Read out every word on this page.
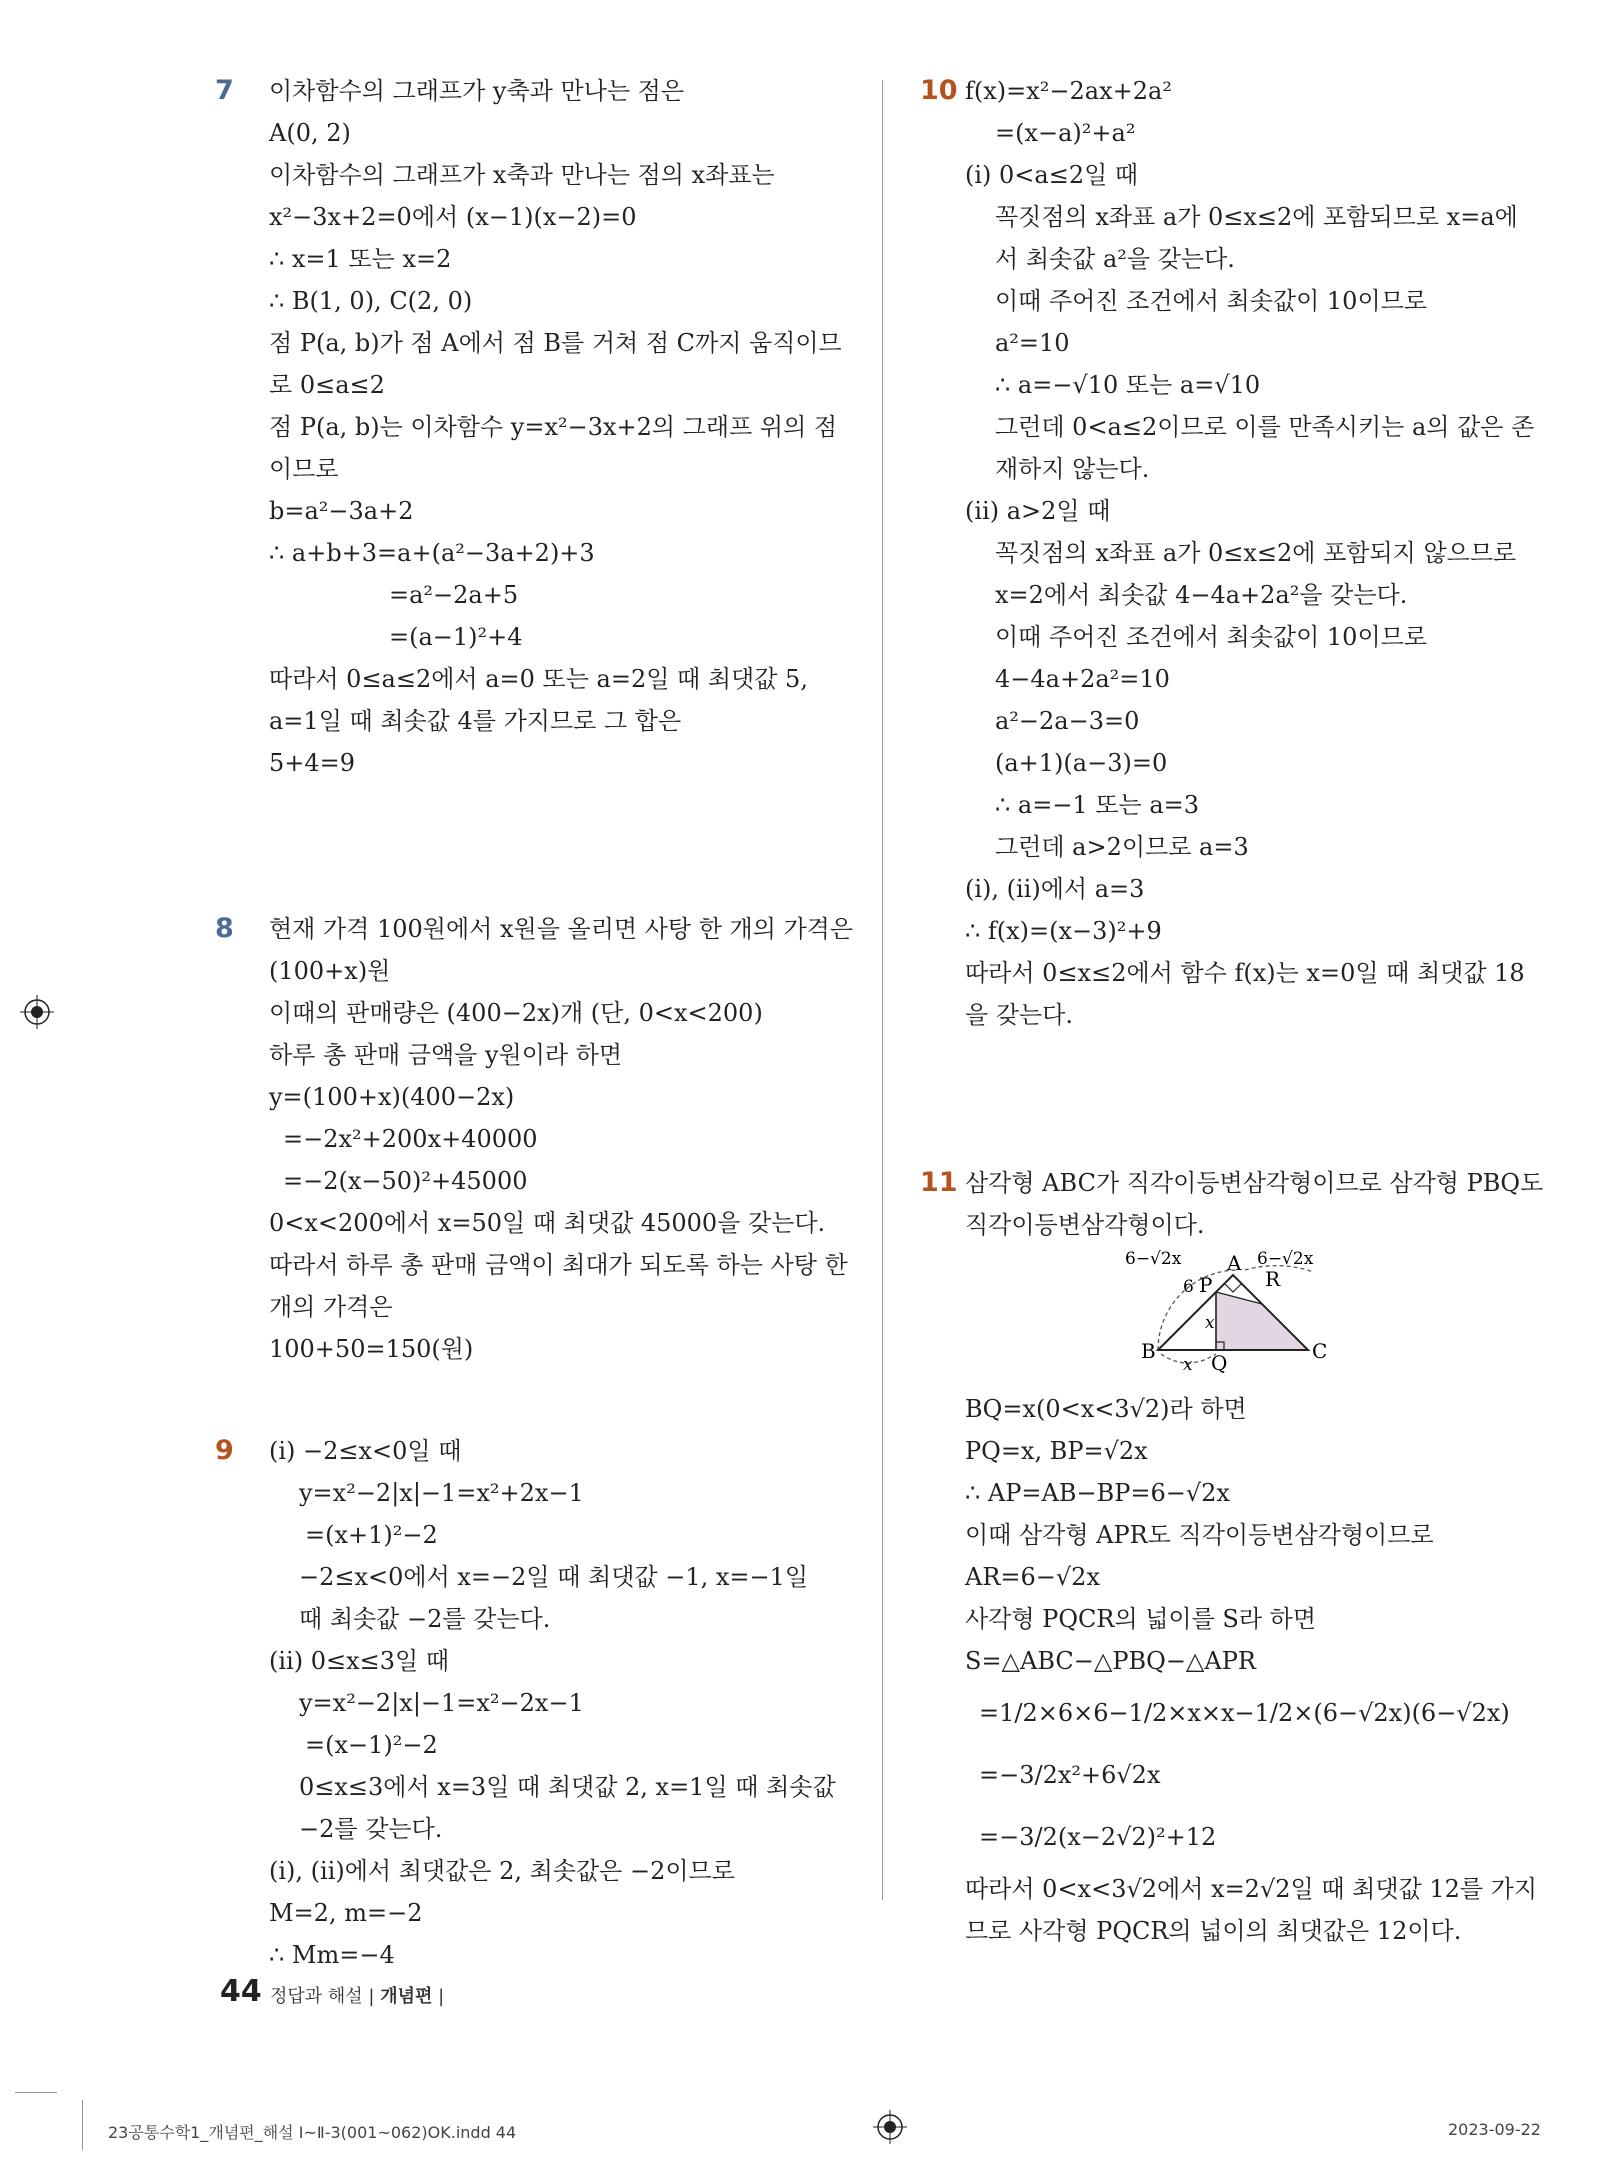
7 이차함수의 그래프가 y축과 만나는 점은
A(0, 2)
이차함수의 그래프가 x축과 만나는 점의 x좌표는
x²−3x+2=0에서 (x−1)(x−2)=0
∴ x=1 또는 x=2
∴ B(1, 0), C(2, 0)
점 P(a, b)가 점 A에서 점 B를 거쳐 점 C까지 움직이므
로 0≤a≤2
점 P(a, b)는 이차함수 y=x²−3x+2의 그래프 위의 점
이므로
b=a²−3a+2
∴ a+b+3=a+(a²−3a+2)+3
=a²−2a+5
=(a−1)²+4
따라서 0≤a≤2에서 a=0 또는 a=2일 때 최댓값 5,
a=1일 때 최솟값 4를 가지므로 그 합은
5+4=9
8 현재 가격 100원에서 x원을 올리면 사탕 한 개의 가격은
(100+x)원
이때의 판매량은 (400−2x)개 (단, 0<x<200)
하루 총 판매 금액을 y원이라 하면
y=(100+x)(400−2x)
=−2x²+200x+40000
=−2(x−50)²+45000
0<x<200에서 x=50일 때 최댓값 45000을 갖는다.
따라서 하루 총 판매 금액이 최대가 되도록 하는 사탕 한
개의 가격은
100+50=150(원)
9 (ⅰ) −2≤x<0일 때
y=x²−2|x|−1=x²+2x−1
=(x+1)²−2
−2≤x<0에서 x=−2일 때 최댓값 −1, x=−1일
때 최솟값 −2를 갖는다.
(ⅱ) 0≤x≤3일 때
y=x²−2|x|−1=x²−2x−1
=(x−1)²−2
0≤x≤3에서 x=3일 때 최댓값 2, x=1일 때 최솟값
−2를 갖는다.
(ⅰ), (ⅱ)에서 최댓값은 2, 최솟값은 −2이므로
M=2, m=−2
∴ Mm=−4
10 f(x)=x²−2ax+2a²
=(x−a)²+a²
(ⅰ) 0<a≤2일 때
꼭짓점의 x좌표 a가 0≤x≤2에 포함되므로 x=a에
서 최솟값 a²을 갖는다.
이때 주어진 조건에서 최솟값이 10이므로
a²=10
∴ a=−√10 또는 a=√10
그런데 0<a≤2이므로 이를 만족시키는 a의 값은 존
재하지 않는다.
(ⅱ) a>2일 때
꼭짓점의 x좌표 a가 0≤x≤2에 포함되지 않으므로
x=2에서 최솟값 4−4a+2a²을 갖는다.
이때 주어진 조건에서 최솟값이 10이므로
4−4a+2a²=10
a²−2a−3=0
(a+1)(a−3)=0
∴ a=−1 또는 a=3
그런데 a>2이므로 a=3
(ⅰ), (ⅱ)에서 a=3
∴ f(x)=(x−3)²+9
따라서 0≤x≤2에서 함수 f(x)는 x=0일 때 최댓값 18
을 갖는다.
11 삼각형 ABC가 직각이등변삼각형이므로 삼각형 PBQ도
직각이등변삼각형이다.
A
B	C
P
Q
R
6−√2x	6−√2x
6
x
x
BQ=x(0<x<3√2)라 하면
PQ=x, BP=√2x
∴ AP=AB−BP=6−√2x
이때 삼각형 APR도 직각이등변삼각형이므로
AR=6−√2x
사각형 PQCR의 넓이를 S라 하면
S=△ABC−△PBQ−△APR
=1/2×6×6−1/2×x×x−1/2×(6−√2x)(6−√2x)
=−3/2x²+6√2x
=−3/2(x−2√2)²+12
따라서 0<x<3√2에서 x=2√2일 때 최댓값 12를 가지
므로 사각형 PQCR의 넓이의 최댓값은 12이다.
44 정답과 해설 | 개념편 |
23공통수학1_개념편_해설 Ⅰ~Ⅱ-3(001~062)OK.indd 44	2023-09-22
